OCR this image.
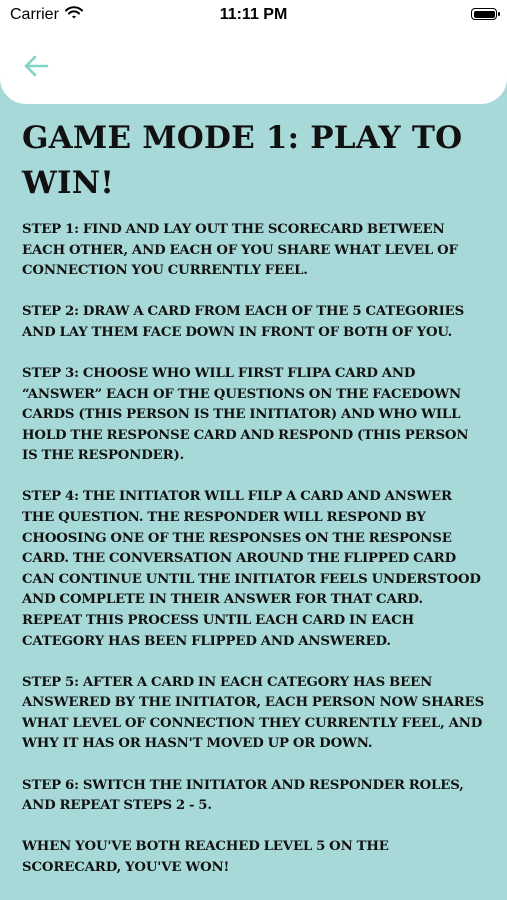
Carrier	11:11 PM
GAME MODE 1: PLAY TO WIN!

STEP 1: FIND AND LAY OUT THE SCORECARD BETWEEN EACH OTHER, AND EACH OF YOU SHARE WHAT LEVEL OF CONNECTION YOU CURRENTLY FEEL.

STEP 2: DRAW A CARD FROM EACH OF THE 5 CATEGORIES AND LAY THEM FACE DOWN IN FRONT OF BOTH OF YOU.

STEP 3: CHOOSE WHO WILL FIRST FLIPA CARD AND “ANSWER” EACH OF THE QUESTIONS ON THE FACEDOWN CARDS (THIS PERSON IS THE INITIATOR) AND WHO WILL HOLD THE RESPONSE CARD AND RESPOND (THIS PERSON IS THE RESPONDER).

STEP 4: THE INITIATOR WILL FILP A CARD AND ANSWER THE QUESTION. THE RESPONDER WILL RESPOND BY CHOOSING ONE OF THE RESPONSES ON THE RESPONSE CARD. THE CONVERSATION AROUND THE FLIPPED CARD CAN CONTINUE UNTIL THE INITIATOR FEELS UNDERSTOOD AND COMPLETE IN THEIR ANSWER FOR THAT CARD. REPEAT THIS PROCESS UNTIL EACH CARD IN EACH CATEGORY HAS BEEN FLIPPED AND ANSWERED.

STEP 5: AFTER A CARD IN EACH CATEGORY HAS BEEN ANSWERED BY THE INITIATOR, EACH PERSON NOW SHARES WHAT LEVEL OF CONNECTION THEY CURRENTLY FEEL, AND WHY IT HAS OR HASN'T MOVED UP OR DOWN.

STEP 6: SWITCH THE INITIATOR AND RESPONDER ROLES, AND REPEAT STEPS 2 - 5.

WHEN YOU'VE BOTH REACHED LEVEL 5 ON THE SCORECARD, YOU'VE WON!
